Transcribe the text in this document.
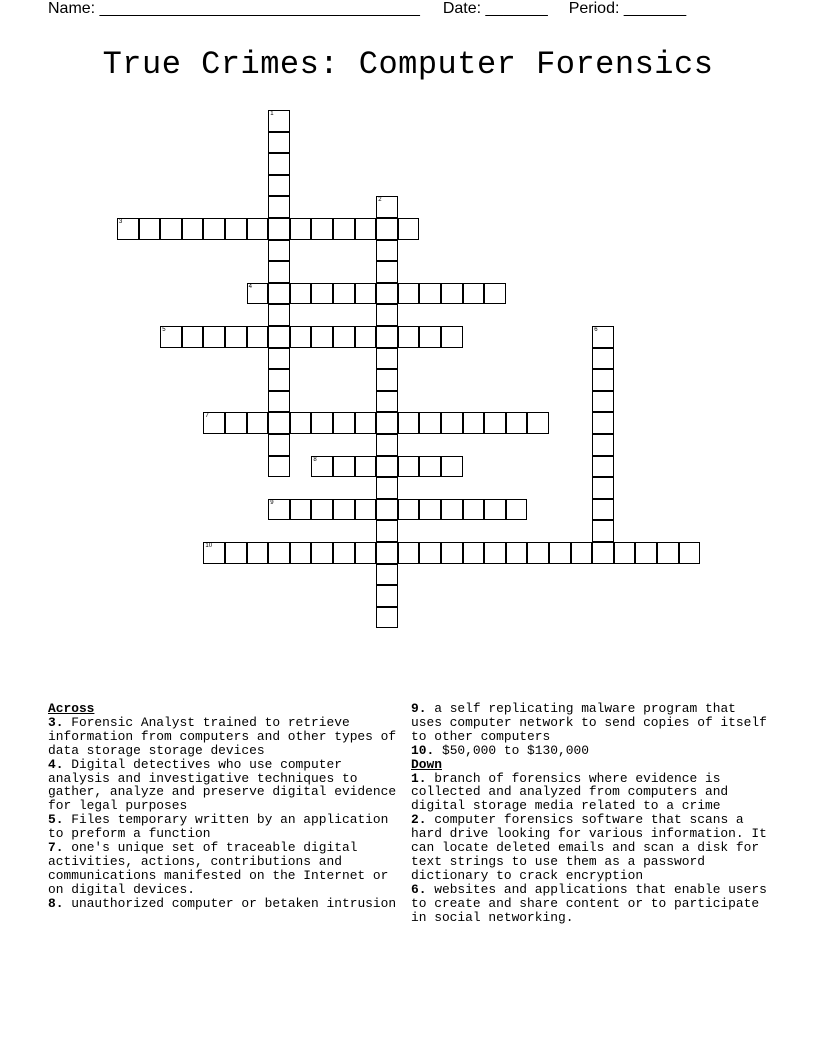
Name: ____________________________________ Date: _______ Period: _______
True Crimes: Computer Forensics
1
2
3
4
5	6
7
8
9
10
Across
3. Forensic Analyst trained to retrieve information from computers and other types of data storage storage devices
4. Digital detectives who use computer analysis and investigative techniques to gather, analyze and preserve digital evidence for legal purposes
5. Files temporary written by an application to preform a function
7. one's unique set of traceable digital activities, actions, contributions and communications manifested on the Internet or on digital devices.
8. unauthorized computer or betaken intrusion
9. a self replicating malware program that uses computer network to send copies of itself to other computers
10. $50,000 to $130,000
Down
1. branch of forensics where evidence is collected and analyzed from computers and digital storage media related to a crime
2. computer forensics software that scans a hard drive looking for various information. It can locate deleted emails and scan a disk for text strings to use them as a password dictionary to crack encryption
6. websites and applications that enable users to create and share content or to participate in social networking.
